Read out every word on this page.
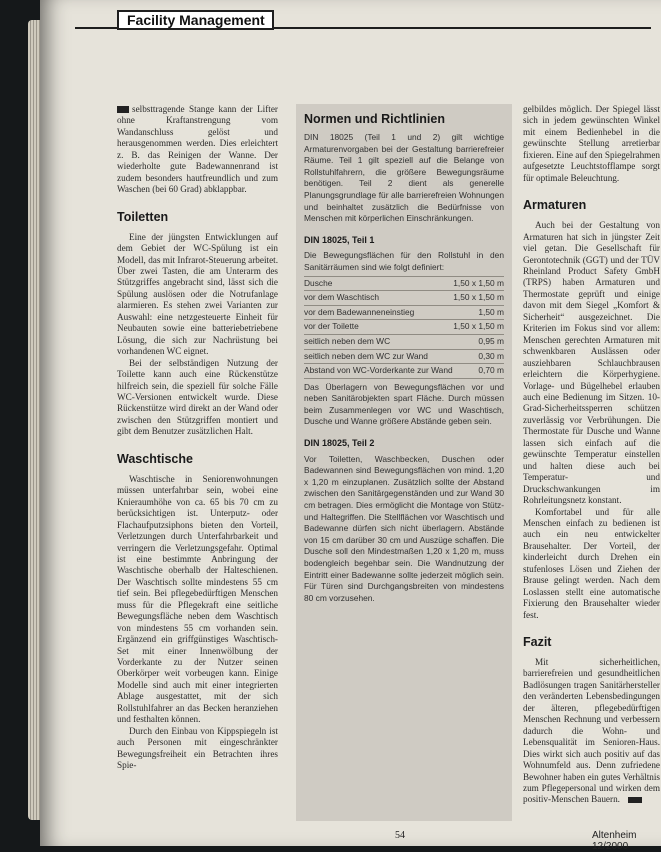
Facility Management

selbsttragende Stange kann der Lifter ohne Kraftanstrengung vom Wandanschluss gelöst und herausgenommen werden. Dies erleichtert z. B. das Reinigen der Wanne. Der wiederholte gute Badewannenrand ist zudem besonders hautfreundlich und zum Waschen (bei 60 Grad) abklappbar.

Toiletten

Eine der jüngsten Entwicklungen auf dem Gebiet der WC-Spülung ist ein Modell, das mit Infrarot-Steuerung arbeitet. Über zwei Tasten, die am Unterarm des Stützgriffes angebracht sind, lässt sich die Spülung auslösen oder die Notrufanlage alarmieren. Es stehen zwei Varianten zur Auswahl: eine netzgesteuerte Einheit für Neubauten sowie eine batteriebetriebene Lösung, die sich zur Nachrüstung bei vorhandenen WC eignet.

Bei der selbständigen Nutzung der Toilette kann auch eine Rückenstütze hilfreich sein, die speziell für solche Fälle WC-Versionen entwickelt wurde. Diese Rückenstütze wird direkt an der Wand oder zwischen den Stützgriffen montiert und gibt dem Benutzer zusätzlichen Halt.

Waschtische

Waschtische in Seniorenwohnungen müssen unterfahrbar sein, wobei eine Knieraumhöhe von ca. 65 bis 70 cm zu berücksichtigen ist. Unterputz- oder Flachaufputzsiphons bieten den Vorteil, Verletzungen durch Unterfahrbarkeit und verringern die Verletzungsgefahr. Optimal ist eine bestimmte Anbringung der Waschtische oberhalb der Halteschienen. Der Waschtisch sollte mindestens 55 cm tief sein. Bei pflegebedürftigen Menschen muss für die Pflegekraft eine seitliche Bewegungsfläche neben dem Waschtisch von mindestens 55 cm vorhanden sein. Ergänzend ein griffgünstiges Waschtisch-Set mit einer Innenwölbung der Vorderkante zu der Nutzer seinen Oberkörper weit vorbeugen kann. Einige Modelle sind auch mit einer integrierten Ablage ausgestattet, mit der sich Rollstuhlfahrer an das Becken heranziehen und festhalten können.

Durch den Einbau von Kippspiegeln ist auch Personen mit eingeschränkter Bewegungsfreiheit ein Betrachten ihres Spie-

Normen und Richtlinien

DIN 18025 (Teil 1 und 2) gilt wichtige Armaturenvorgaben bei der Gestaltung barrierefreier Räume. Teil 1 gilt speziell auf die Belange von Rollstuhlfahrern, die größere Bewegungsräume benötigen. Teil 2 dient als generelle Planungsgrundlage für alle barrierefreien Wohnungen und beinhaltet zusätzlich die Bedürfnisse von Menschen mit körperlichen Einschränkungen.

DIN 18025, Teil 1

Die Bewegungsflächen für den Rollstuhl in den Sanitärräumen sind wie folgt definiert:

Dusche	1,50 x 1,50 m
vor dem Waschtisch	1,50 x 1,50 m
vor dem Badewanneneinstieg	1,50 m
vor der Toilette	1,50 x 1,50 m
seitlich neben dem WC	0,95 m
seitlich neben dem WC zur Wand	0,30 m
Abstand von WC-Vorderkante zur Wand	0,70 m

Das Überlagern von Bewegungsflächen vor und neben Sanitärobjekten spart Fläche. Durch müssen beim Zusammenlegen vor WC und Waschtisch, Dusche und Wanne größere Abstände geben sein.

DIN 18025, Teil 2

Vor Toiletten, Waschbecken, Duschen oder Badewannen sind Bewegungsflächen von mind. 1,20 x 1,20 m einzuplanen. Zusätzlich sollte der Abstand zwischen den Sanitärgegenständen und zur Wand 30 cm betragen. Dies ermöglicht die Montage von Stütz- und Haltegriffen. Die Stellflächen vor Waschtisch und Badewanne dürfen sich nicht überlagern. Abstände von 15 cm darüber 30 cm und Auszüge schaffen. Die Dusche soll den Mindestmaßen 1,20 x 1,20 m, muss bodengleich begehbar sein. Die Wandnutzung der Eintritt einer Badewanne sollte jederzeit möglich sein. Für Türen sind Durchgangsbreiten von mindestens 80 cm vorzusehen.

gelbildes möglich. Der Spiegel lässt sich in jedem gewünschten Winkel mit einem Bedienhebel in die gewünschte Stellung arretierbar fixieren. Eine auf den Spiegelrahmen aufgesetzte Leuchtstofflampe sorgt für optimale Beleuchtung.

Armaturen

Auch bei der Gestaltung von Armaturen hat sich in jüngster Zeit viel getan. Die Gesellschaft für Gerontotechnik (GGT) und der TÜV Rheinland Product Safety GmbH (TRPS) haben Armaturen und Thermostate geprüft und einige davon mit dem Siegel „Komfort & Sicherheit“ ausgezeichnet. Die Kriterien im Fokus sind vor allem: Menschen gerechten Armaturen mit schwenkbaren Auslässen oder ausziehbaren Schlauchbrausen erleichtern die Körperhygiene. Vorlage- und Bügelhebel erlauben auch eine Bedienung im Sitzen. 10-Grad-Sicherheitssperren schützen zuverlässig vor Verbrühungen. Die Thermostate für Dusche und Wanne lassen sich einfach auf die gewünschte Temperatur einstellen und halten diese auch bei Temperatur- und Druckschwankungen im Rohrleitungsnetz konstant.

Komfortabel und für alle Menschen einfach zu bedienen ist auch ein neu entwickelter Brausehalter. Der Vorteil, der kinderleicht durch Drehen ein stufenloses Lösen und Ziehen der Brause gelingt werden. Nach dem Loslassen stellt eine automatische Fixierung den Brausehalter wieder fest.

Fazit

Mit sicherheitlichen, barrierefreien und gesundheitlichen Badlösungen tragen Sanitärhersteller den veränderten Lebensbedingungen der älteren, pflegebedürftigen Menschen Rechnung und verbessern dadurch die Wohn- und Lebensqualität im Senioren-Haus. Dies wirkt sich auch positiv auf das Wohnumfeld aus. Denn zufriedene Bewohner haben ein gutes Verhältnis zum Pflegepersonal und wirken dem positiv-Menschen Bauern.

54	Altenheim 12/2000
